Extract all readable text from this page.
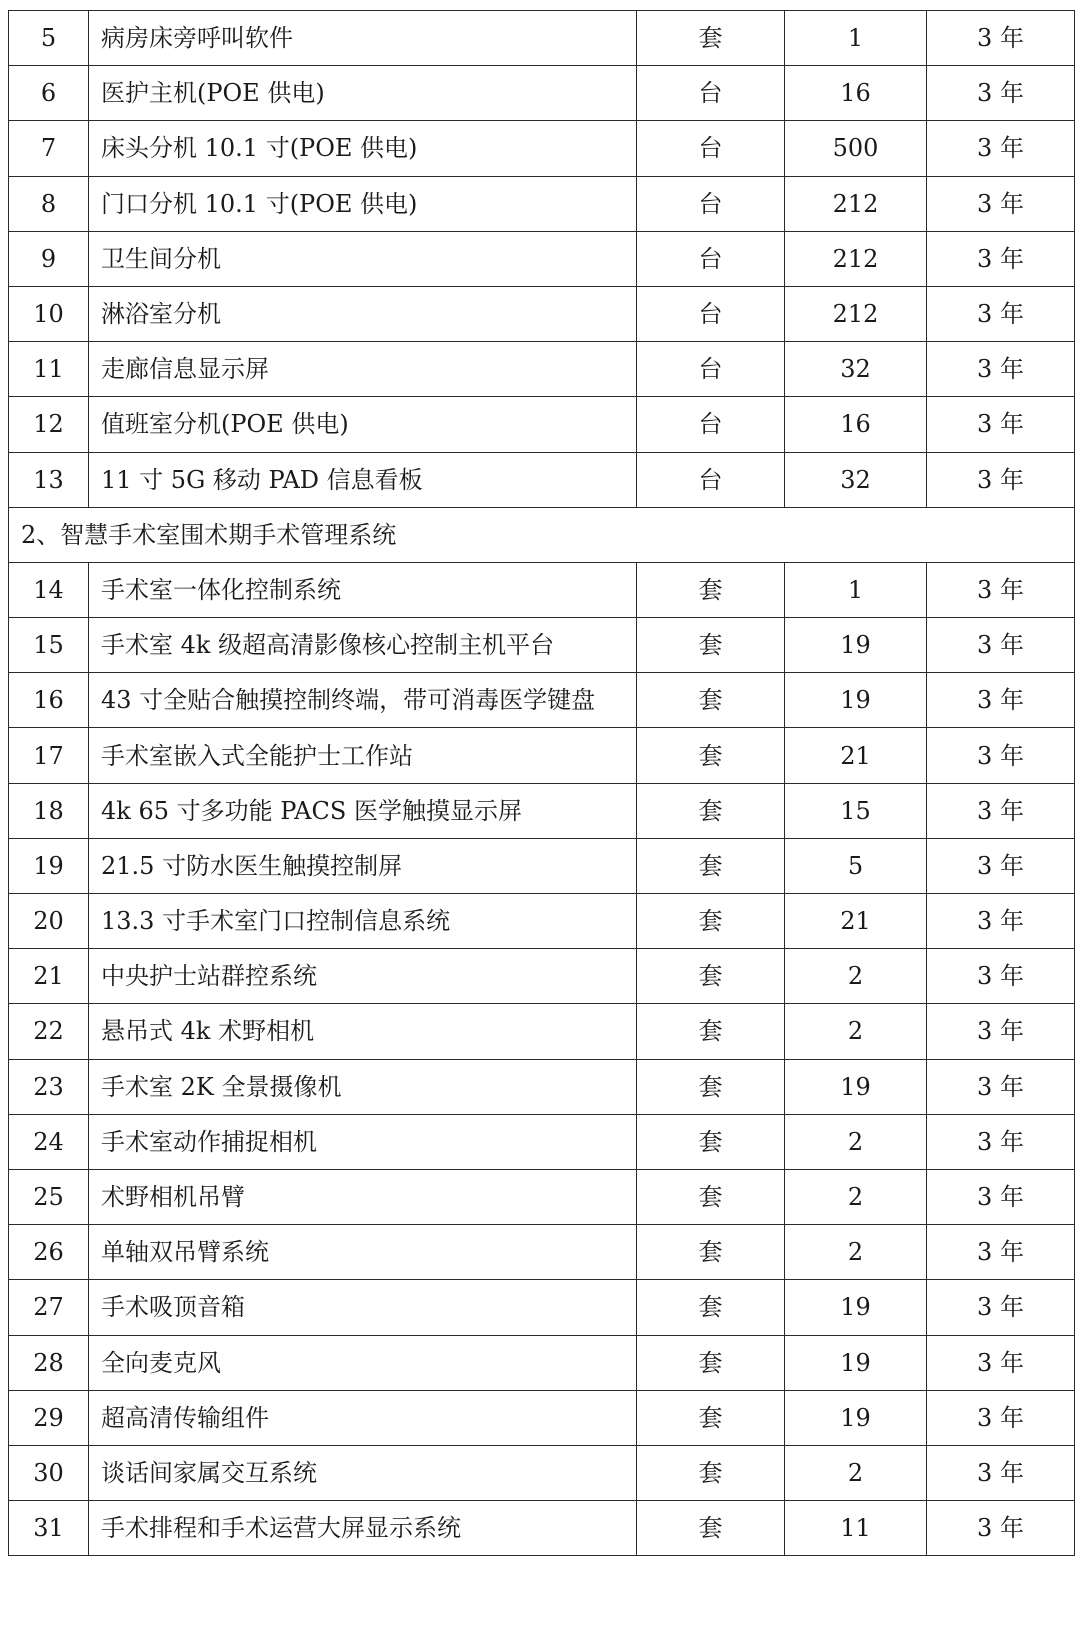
5	病房床旁呼叫软件	套	1	3 年
6	医护主机(POE 供电)	台	16	3 年
7	床头分机 10.1 寸(POE 供电)	台	500	3 年
8	门口分机 10.1 寸(POE 供电)	台	212	3 年
9	卫生间分机	台	212	3 年
10	淋浴室分机	台	212	3 年
11	走廊信息显示屏	台	32	3 年
12	值班室分机(POE 供电)	台	16	3 年
13	11 寸 5G 移动 PAD 信息看板	台	32	3 年
2、智慧手术室围术期手术管理系统				
14	手术室一体化控制系统	套	1	3 年
15	手术室 4k 级超高清影像核心控制主机平台	套	19	3 年
16	43 寸全贴合触摸控制终端，带可消毒医学键盘	套	19	3 年
17	手术室嵌入式全能护士工作站	套	21	3 年
18	4k 65 寸多功能 PACS 医学触摸显示屏	套	15	3 年
19	21.5 寸防水医生触摸控制屏	套	5	3 年
20	13.3 寸手术室门口控制信息系统	套	21	3 年
21	中央护士站群控系统	套	2	3 年
22	悬吊式 4k 术野相机	套	2	3 年
23	手术室 2K 全景摄像机	套	19	3 年
24	手术室动作捕捉相机	套	2	3 年
25	术野相机吊臂	套	2	3 年
26	单轴双吊臂系统	套	2	3 年
27	手术吸顶音箱	套	19	3 年
28	全向麦克风	套	19	3 年
29	超高清传输组件	套	19	3 年
30	谈话间家属交互系统	套	2	3 年
31	手术排程和手术运营大屏显示系统	套	11	3 年
